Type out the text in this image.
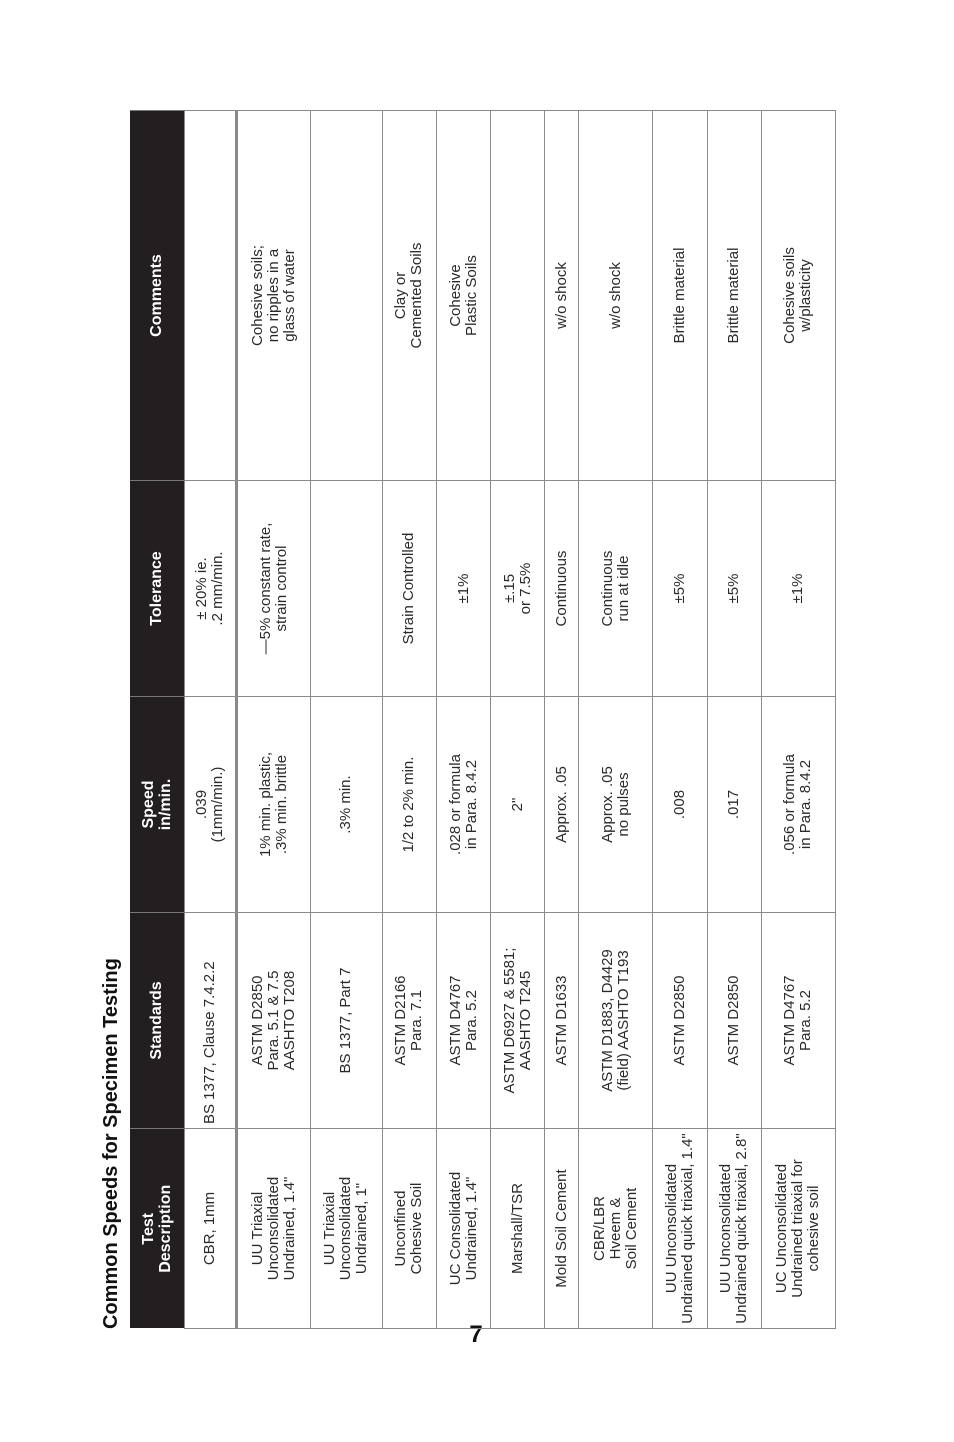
Common Speeds for Specimen Testing
7
Test Description	Standards	Speed in/min.	Tolerance	Comments

CBR, 1mm	BS 1377, Clause 7.4.2.2	.039 (1mm/min.)	± 20% ie. .2 mm/min.	

UU Triaxial Unconsolidated Undrained, 1.4"	ASTM D2850 Para. 5.1 & 7.5 AASHTO T208	1% min. plastic, .3% min. brittle	—5% constant rate, strain control	Cohesive soils; no ripples in a glass of water

UU Triaxial Unconsolidated Undrained, 1"	BS 1377, Part 7	.3% min.		

Unconfined Cohesive Soil	ASTM D2166 Para. 7.1	1/2 to 2% min.	Strain Controlled	Clay or Cemented Soils

UC Consolidated Undrained, 1.4"	ASTM D4767 Para. 5.2	.028 or formula in Para. 8.4.2	±1%	Cohesive Plastic Soils

Marshall/TSR	ASTM D6927 & 5581; AASHTO T245	2"	±.15 or 7.5%	

Mold Soil Cement	ASTM D1633	Approx. .05	Continuous	w/o shock

CBR/LBR Hveem & Soil Cement	ASTM D1883, D4429 (field) AASHTO T193	Approx. .05 no pulses	Continuous run at idle	w/o shock

UU Unconsolidated Undrained quick triaxial, 1.4"	ASTM D2850	.008	±5%	Brittle material

UU Unconsolidated Undrained quick triaxial, 2.8"	ASTM D2850	.017	±5%	Brittle material

UC Unconsolidated Undrained triaxial for cohesive soil	ASTM D4767 Para. 5.2	.056 or formula in Para. 8.4.2	±1%	Cohesive soils w/plasticity
